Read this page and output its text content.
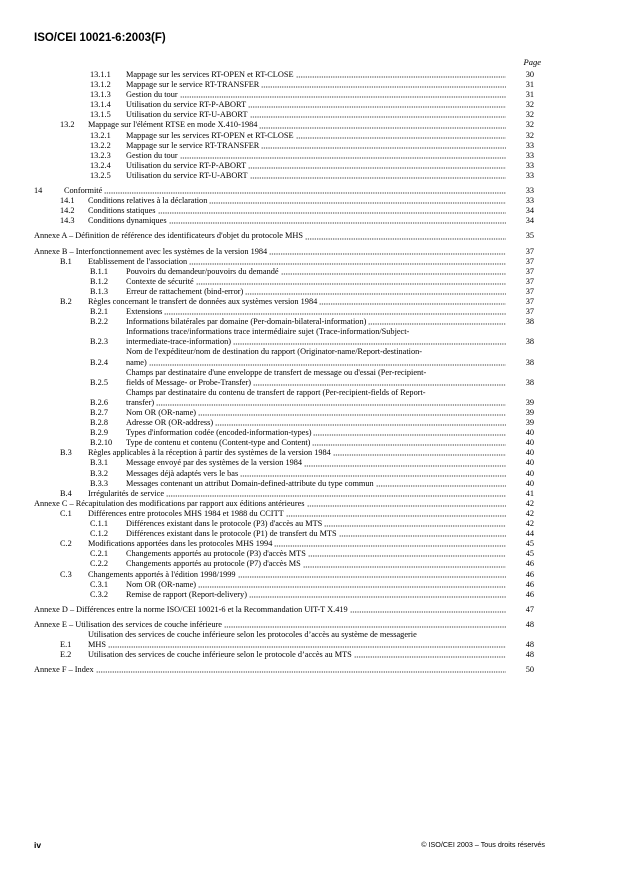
ISO/CEI 10021-6:2003(F)
Page
13.1.1	Mappage sur les services RT-OPEN et RT-CLOSE	30
13.1.2	Mappage sur le service RT-TRANSFER	31
13.1.3	Gestion du tour	31
13.1.4	Utilisation du service RT-P-ABORT	32
13.1.5	Utilisation du service RT-U-ABORT	32
13.2	Mappage sur l'élément RTSE en mode X.410-1984	32
13.2.1	Mappage sur les services RT-OPEN et RT-CLOSE	32
13.2.2	Mappage sur le service RT-TRANSFER	33
13.2.3	Gestion du tour	33
13.2.4	Utilisation du service RT-P-ABORT	33
13.2.5	Utilisation du service RT-U-ABORT	33
14	Conformité	33
14.1	Conditions relatives à la déclaration	33
14.2	Conditions statiques	34
14.3	Conditions dynamiques	34
Annexe A – Définition de référence des identificateurs d'objet du protocole MHS	35
Annexe B – Interfonctionnement avec les systèmes de la version 1984	37
B.1	Etablissement de l'association	37
B.1.1	Pouvoirs du demandeur/pouvoirs du demandé	37
B.1.2	Contexte de sécurité	37
B.1.3	Erreur de rattachement (bind-error)	37
B.2	Règles concernant le transfert de données aux systèmes version 1984	37
B.2.1	Extensions	37
B.2.2	Informations bilatérales par domaine (Per-domain-bilateral-information)	38
B.2.3
Informations trace/informations trace intermédiaire sujet (Trace-information/Subject-
intermediate-trace-information)	38
B.2.4
Nom de l'expéditeur/nom de destination du rapport (Originator-name/Report-destination-
name)	38
B.2.5
Champs par destinataire d'une enveloppe de transfert de message ou d'essai (Per-recipient-
fields of Message- or Probe-Transfer)	38
B.2.6
Champs par destinataire du contenu de transfert de rapport (Per-recipient-fields of Report-
transfer)	39
B.2.7	Nom OR (OR-name)	39
B.2.8	Adresse OR (OR-address)	39
B.2.9	Types d'information codée (encoded-information-types)	40
B.2.10	Type de contenu et contenu (Content-type and Content)	40
B.3	Règles applicables à la réception à partir des systèmes de la version 1984	40
B.3.1	Message envoyé par des systèmes de la version 1984	40
B.3.2	Messages déjà adaptés vers le bas	40
B.3.3	Messages contenant un attribut Domain-defined-attribute du type commun	40
B.4	Irrégularités de service	41
Annexe C – Récapitulation des modifications par rapport aux éditions antérieures	42
C.1	Différences entre protocoles MHS 1984 et 1988 du CCITT	42
C.1.1	Différences existant dans le protocole (P3) d'accès au MTS	42
C.1.2	Différences existant dans le protocole (P1) de transfert du MTS	44
C.2	Modifications apportées dans les protocoles MHS 1994	45
C.2.1	Changements apportés au protocole (P3) d'accès MTS	45
C.2.2	Changements apportés au protocole (P7) d'accès MS	46
C.3	Changements apportés à l'édition 1998/1999	46
C.3.1	Nom OR (OR-name)	46
C.3.2	Remise de rapport (Report-delivery)	46
Annexe D – Différences entre la norme ISO/CEI 10021-6 et la Recommandation UIT-T X.419	47
Annexe E – Utilisation des services de couche inférieure	48
E.1
Utilisation des services de couche inférieure selon les protocoles d’accès au système de messagerie
MHS	48
E.2	Utilisation des services de couche inférieure selon le protocole d’accès au MTS	48
Annexe F – Index	50
iv	© ISO/CEI 2003 – Tous droits réservés
